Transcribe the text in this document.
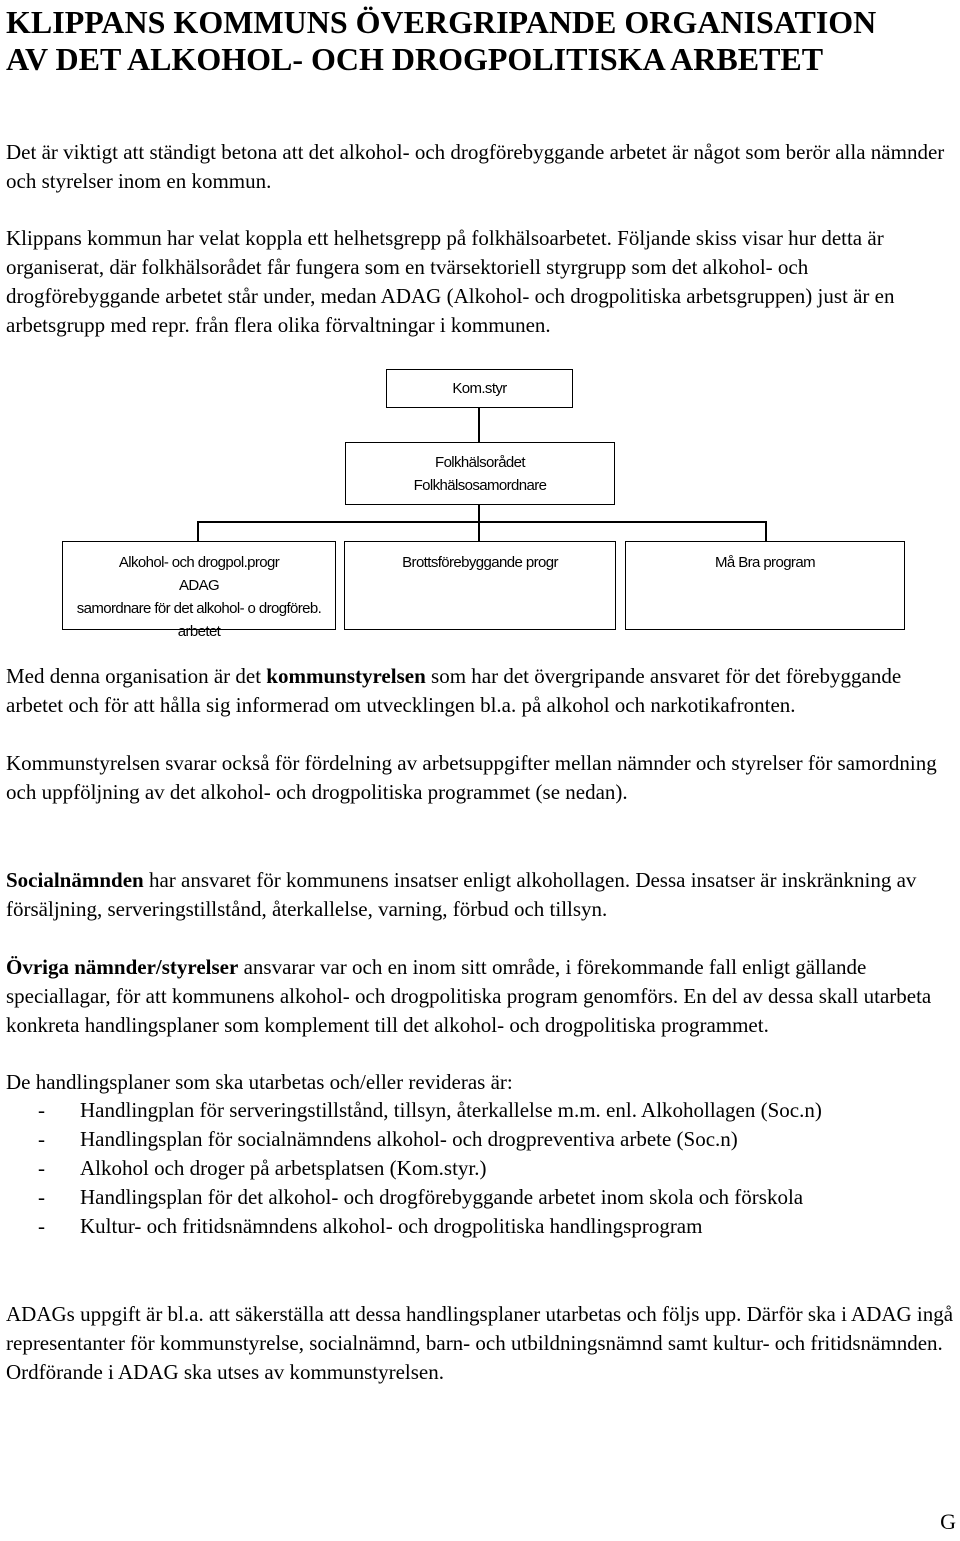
KLIPPANS KOMMUNS ÖVERGRIPANDE ORGANISATION
AV DET ALKOHOL- OCH DROGPOLITISKA ARBETET

Det är viktigt att ständigt betona att det alkohol- och drogförebyggande arbetet är något som berör alla nämnder och styrelser inom en kommun.

Klippans kommun har velat koppla ett helhetsgrepp på folkhälsoarbetet. Följande skiss visar hur detta är organiserat, där folkhälsorådet får fungera som en tvärsektoriell styrgrupp som det alkohol- och drogförebyggande arbetet står under, medan ADAG (Alkohol- och drogpolitiska arbetsgruppen) just är en arbetsgrupp med repr. från flera olika förvaltningar i kommunen.

Kom.styr
Folkhälsorådet
Folkhälsosamordnare
Alkohol- och drogpol.progr
ADAG
samordnare för det alkohol- o drogföreb. arbetet
Brottsförebyggande progr	Må Bra program

Med denna organisation är det kommunstyrelsen som har det övergripande ansvaret för det förebyggande arbetet och för att hålla sig informerad om utvecklingen bl.a. på alkohol och narkotikafronten.

Kommunstyrelsen svarar också för fördelning av arbetsuppgifter mellan nämnder och styrelser för samordning och uppföljning av det alkohol- och drogpolitiska programmet (se nedan).

Socialnämnden har ansvaret för kommunens insatser enligt alkohollagen. Dessa insatser är inskränkning av försäljning, serveringstillstånd, återkallelse, varning, förbud och tillsyn.

Övriga nämnder/styrelser ansvarar var och en inom sitt område, i förekommande fall enligt gällande speciallagar, för att kommunens alkohol- och drogpolitiska program genomförs. En del av dessa skall utarbeta konkreta handlingsplaner som komplement till det alkohol- och drogpolitiska programmet.

De handlingsplaner som ska utarbetas och/eller revideras är:

- Handlingplan för serveringstillstånd, tillsyn, återkallelse m.m. enl. Alkohollagen (Soc.n)
- Handlingsplan för socialnämndens alkohol- och drogpreventiva arbete (Soc.n)
- Alkohol och droger på arbetsplatsen (Kom.styr.)
- Handlingsplan för det alkohol- och drogförebyggande arbetet inom skola och förskola
- Kultur- och fritidsnämndens alkohol- och drogpolitiska handlingsprogram

ADAGs uppgift är bl.a. att säkerställa att dessa handlingsplaner utarbetas och följs upp. Därför ska i ADAG ingå representanter för kommunstyrelse, socialnämnd, barn- och utbildningsnämnd samt kultur- och fritidsnämnden. Ordförande i ADAG ska utses av kommunstyrelsen.

G
